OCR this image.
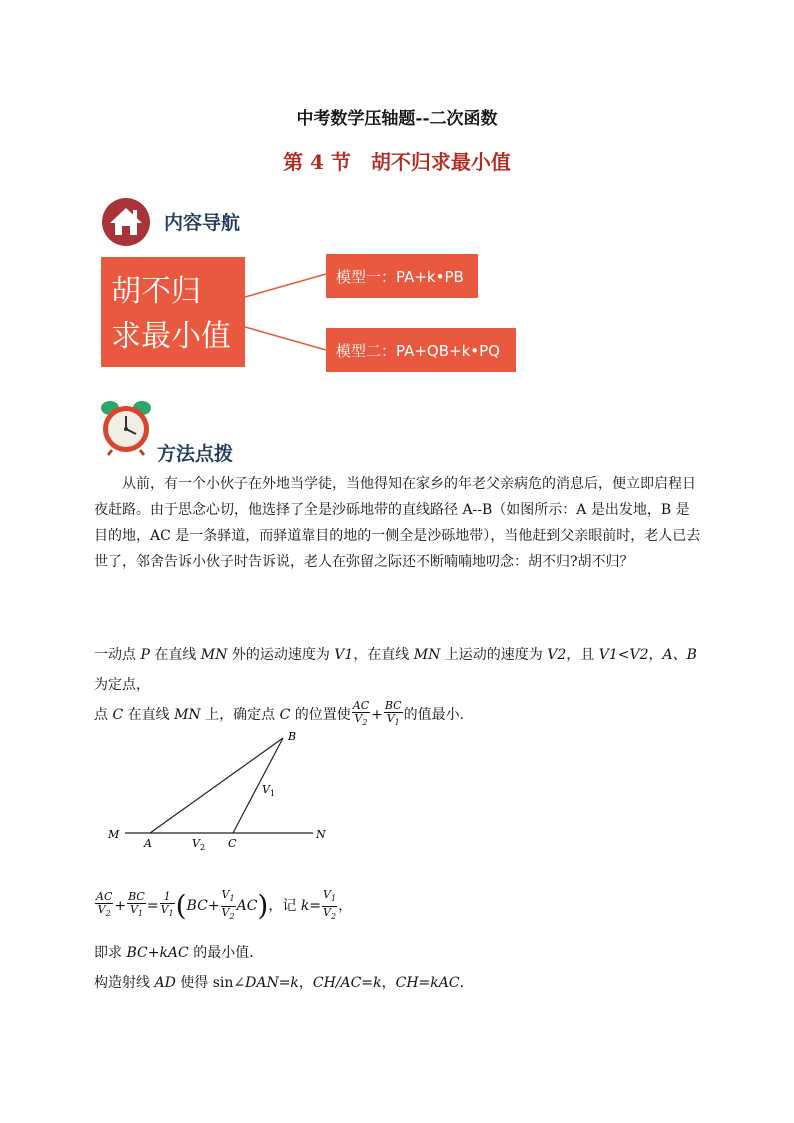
中考数学压轴题--二次函数
第 4 节　胡不归求最小值
内容导航
胡不归
求最小值
模型一：PA+k•PB
模型二：PA+QB+k•PQ
方法点拨
从前，有一个小伙子在外地当学徒，当他得知在家乡的年老父亲病危的消息后，便立即启程日夜赶路。由于思念心切，他选择了全是沙砾地带的直线路径 A--B（如图所示：A 是出发地，B 是目的地，AC 是一条驿道，而驿道靠目的地的一侧全是沙砾地带），当他赶到父亲眼前时，老人已去世了，邻舍告诉小伙子时告诉说，老人在弥留之际还不断喃喃地叨念：胡不归?胡不归？
一动点 P 在直线 MN 外的运动速度为 V1，在直线 MN 上运动的速度为 V2，且 V1<V2，A、B 为定点，
点 C 在直线 MN 上，确定点 C 的位置使 $\frac{AC}{V_2} + \frac{BC}{V_1}$ 的值最小．
M	N
A	C
B
$V_1$
$V_2$
$\frac{AC}{V_2} + \frac{BC}{V_1} = \frac{1}{V_1} (BC+ \frac{V_1}{V_2} AC)$，记 $k= \frac{V_1}{V_2}$ ，
即求 BC+kAC 的最小值．
构造射线 AD 使得 sin∠DAN=k，CH/AC=k，CH=kAC．
